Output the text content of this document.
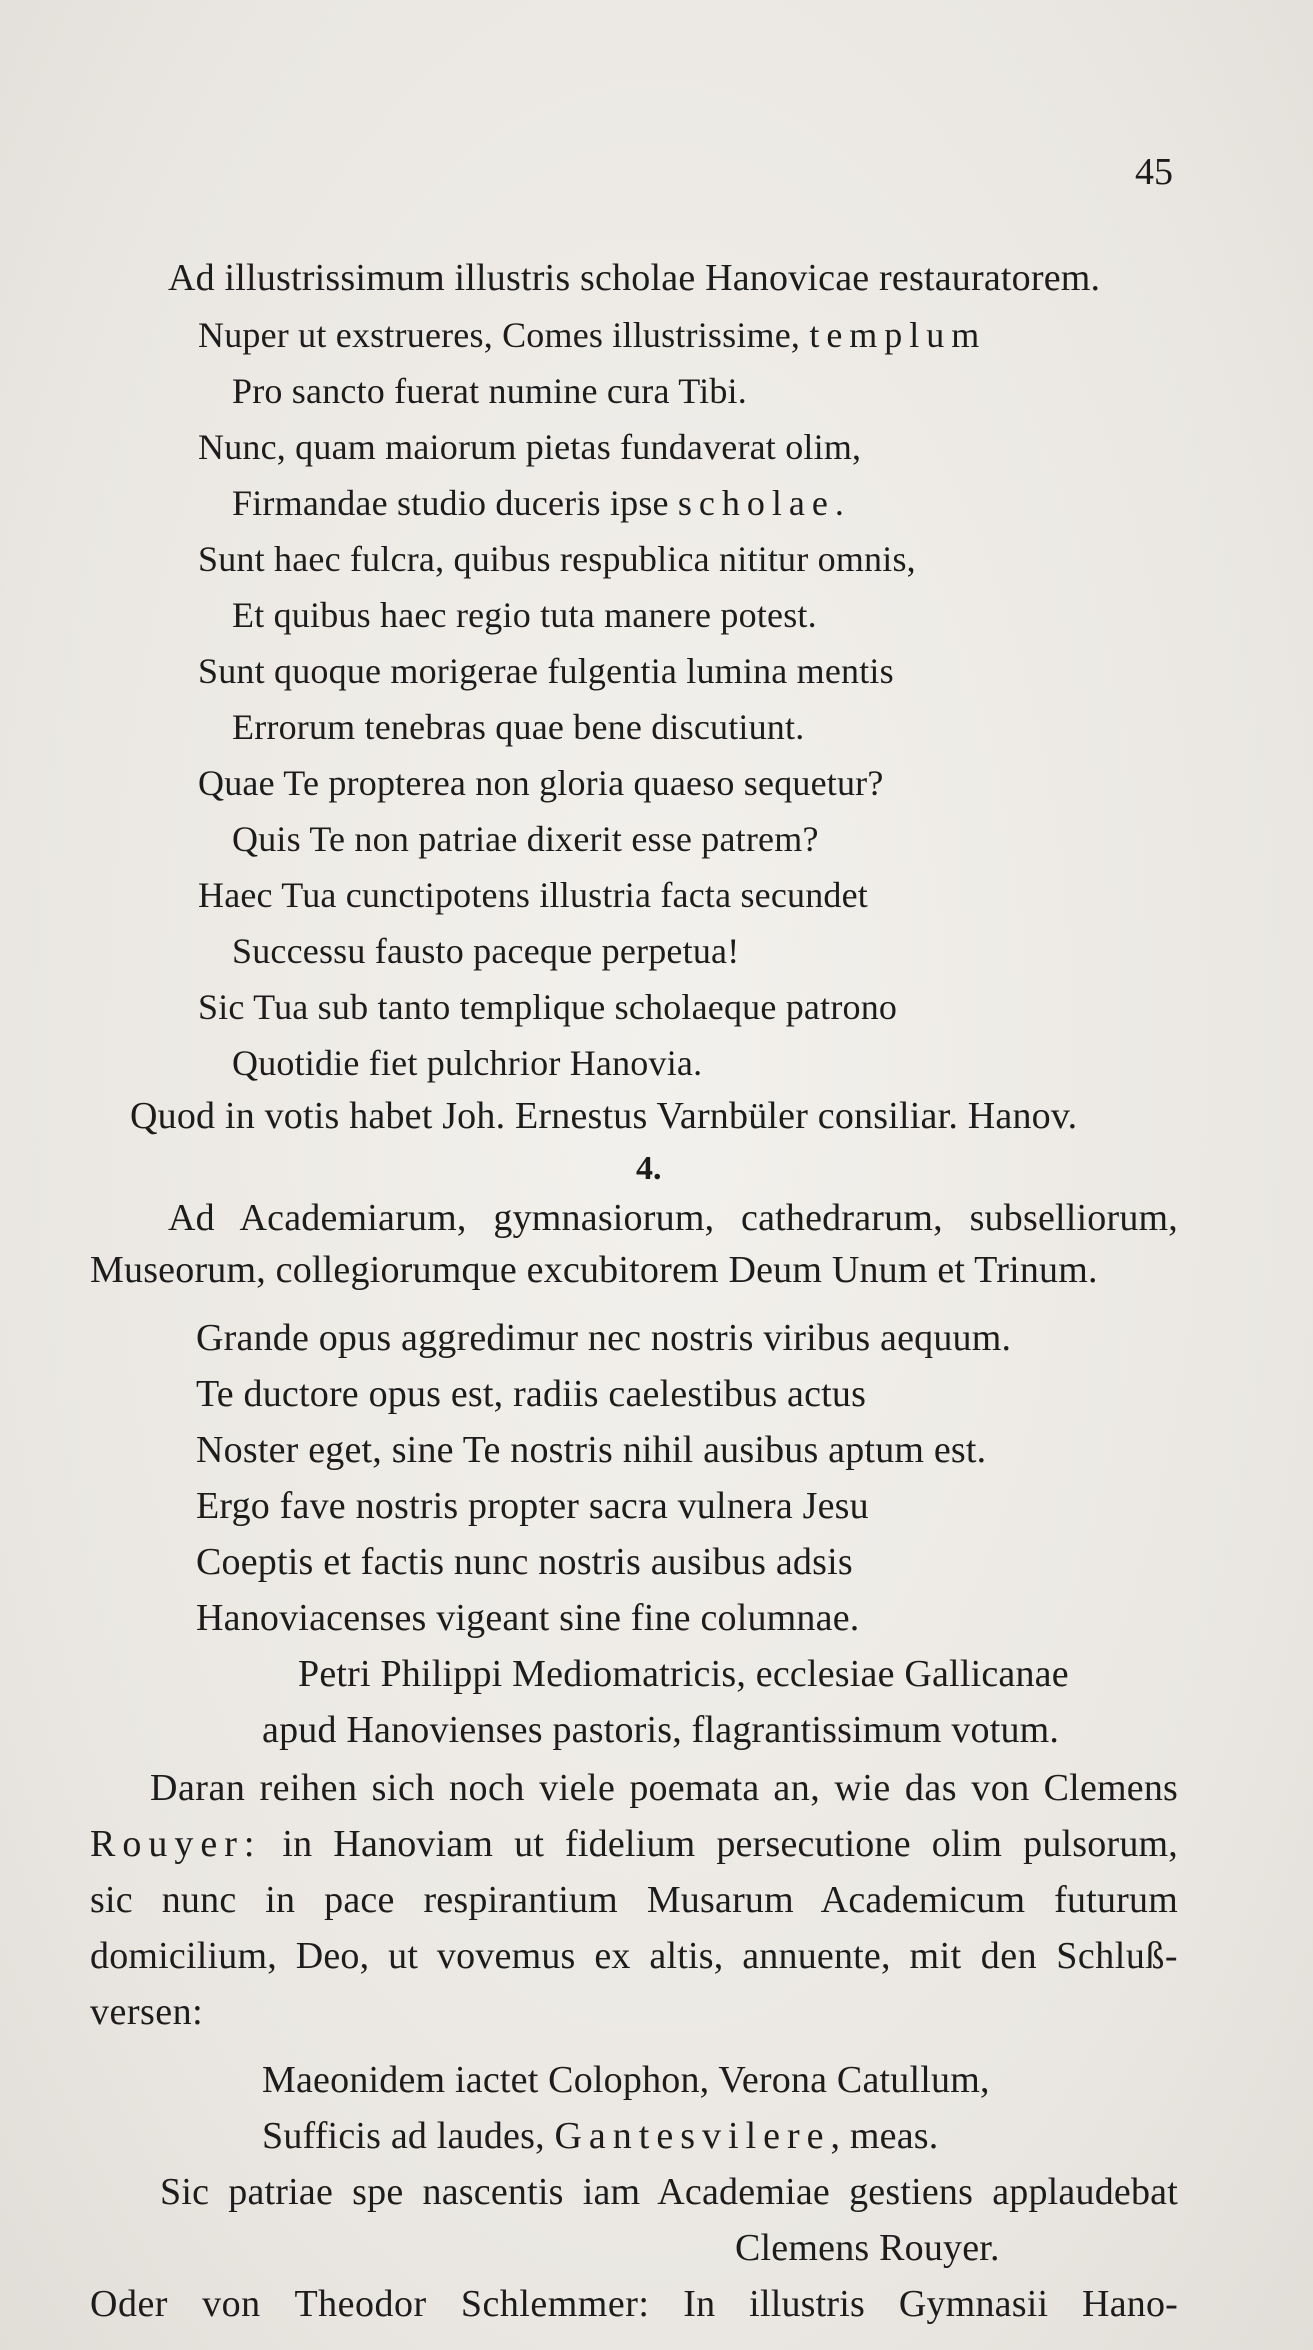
45
Ad illustrissimum illustris scholae Hanovicae restauratorem.
Nuper ut exstrueres, Comes illustrissime, templum
Pro sancto fuerat numine cura Tibi.
Nunc, quam maiorum pietas fundaverat olim,
Firmandae studio duceris ipse scholae.
Sunt haec fulcra, quibus respublica nititur omnis,
Et quibus haec regio tuta manere potest.
Sunt quoque morigerae fulgentia lumina mentis
Errorum tenebras quae bene discutiunt.
Quae Te propterea non gloria quaeso sequetur?
Quis Te non patriae dixerit esse patrem?
Haec Tua cunctipotens illustria facta secundet
Successu fausto paceque perpetua!
Sic Tua sub tanto templique scholaeque patrono
Quotidie fiet pulchrior Hanovia.
Quod in votis habet Joh. Ernestus Varnbüler consiliar. Hanov.
4.
Ad Academiarum, gymnasiorum, cathedrarum, subselliorum,
Museorum, collegiorumque excubitorem Deum Unum et Trinum.
Grande opus aggredimur nec nostris viribus aequum.
Te ductore opus est, radiis caelestibus actus
Noster eget, sine Te nostris nihil ausibus aptum est.
Ergo fave nostris propter sacra vulnera Jesu
Coeptis et factis nunc nostris ausibus adsis
Hanoviacenses vigeant sine fine columnae.
Petri Philippi Mediomatricis, ecclesiae Gallicanae
apud Hanovienses pastoris, flagrantissimum votum.
Daran reihen sich noch viele poemata an, wie das von Clemens
Rouyer: in Hanoviam ut fidelium persecutione olim pulsorum,
sic nunc in pace respirantium Musarum Academicum futurum
domicilium, Deo, ut vovemus ex altis, annuente, mit den Schluß-
versen:
Maeonidem iactet Colophon, Verona Catullum,
Sufficis ad laudes, Gantesvilere, meas.
Sic patriae spe nascentis iam Academiae gestiens applaudebat
Clemens Rouyer.
Oder von Theodor Schlemmer: In illustris Gymnasii Hano-
